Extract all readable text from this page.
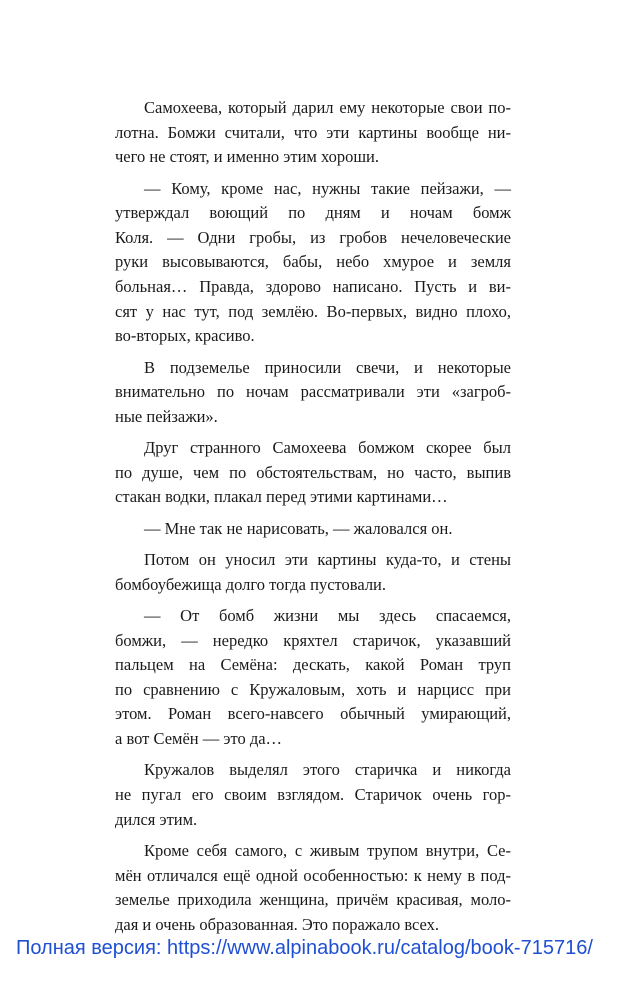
Самохеева, который дарил ему некоторые свои по-
лотна. Бомжи считали, что эти картины вообще ни-
чего не стоят, и именно этим хороши.

— Кому, кроме нас, нужны такие пейзажи, —
утверждал воющий по дням и ночам бомж
Коля. — Одни гробы, из гробов нечеловеческие
руки высовываются, бабы, небо хмурое и земля
больная… Правда, здорово написано. Пусть и ви-
сят у нас тут, под землёю. Во-первых, видно плохо,
во-вторых, красиво.

В подземелье приносили свечи, и некоторые
внимательно по ночам рассматривали эти «загроб-
ные пейзажи».

Друг странного Самохеева бомжом скорее был
по душе, чем по обстоятельствам, но часто, выпив
стакан водки, плакал перед этими картинами…

— Мне так не нарисовать, — жаловался он.

Потом он уносил эти картины куда-то, и стены
бомбоубежища долго тогда пустовали.

— От бомб жизни мы здесь спасаемся,
бомжи, — нередко кряхтел старичок, указавший
пальцем на Семёна: дескать, какой Роман труп
по сравнению с Кружаловым, хоть и нарцисс при
этом. Роман всего-навсего обычный умирающий,
а вот Семён — это да…

Кружалов выделял этого старичка и никогда
не пугал его своим взглядом. Старичок очень гор-
дился этим.

Кроме себя самого, с живым трупом внутри, Се-
мён отличался ещё одной особенностью: к нему в под-
земелье приходила женщина, причём красивая, моло-
дая и очень образованная. Это поражало всех.

Полная версия: https://www.alpinabook.ru/catalog/book-715716/
